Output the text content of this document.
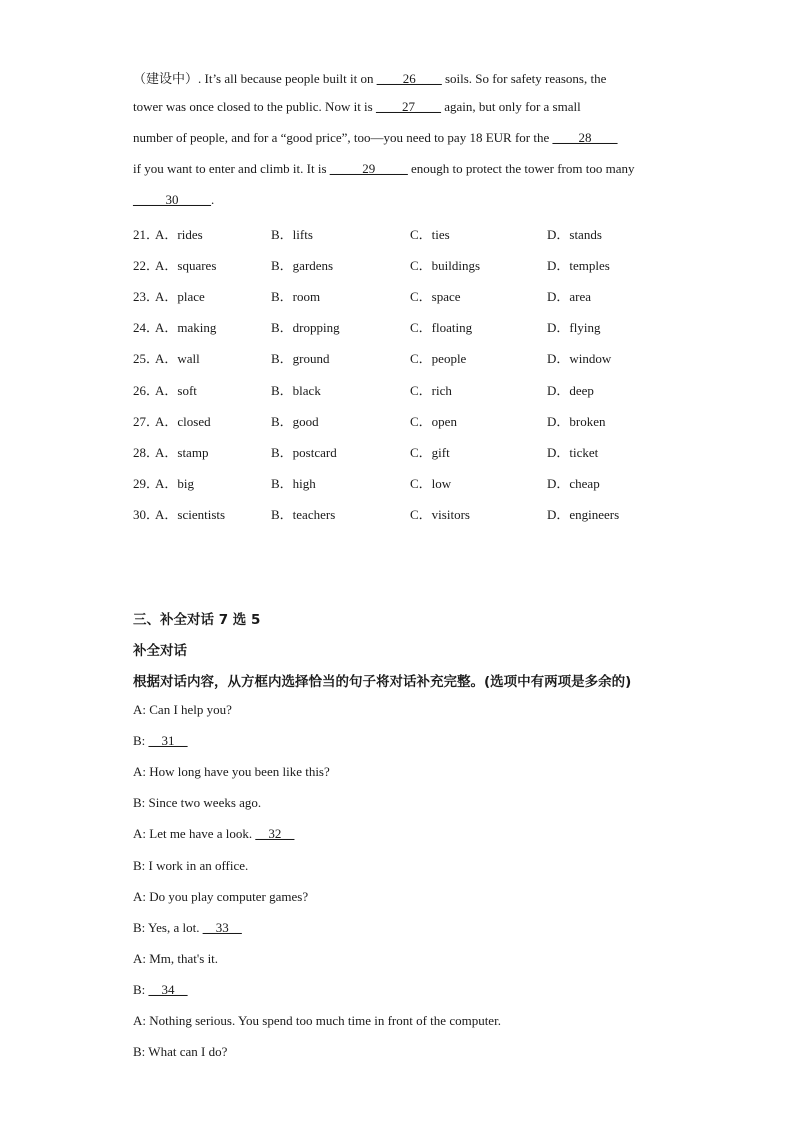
（建设中）. It’s all because people built it on ____26____ soils. So for safety reasons, the
tower was once closed to the public. Now it is ____27____ again, but only for a small
number of people, and for a “good price”, too—you need to pay 18 EUR for the ____28____
if you want to enter and climb it. It is _____29_____ enough to protect the tower from too many
_____30_____.
21．
A．rides	B．lifts	C．ties	D．stands
22．
A．squares	B．gardens	C．buildings	D．temples
23．
A．place	B．room	C．space	D．area
24．
A．making	B．dropping	C．floating	D．flying
25．
A．wall	B．ground	C．people	D．window
26．
A．soft	B．black	C．rich	D．deep
27．
A．closed	B．good	C．open	D．broken
28．
A．stamp	B．postcard	C．gift	D．ticket
29．
A．big	B．high	C．low	D．cheap
30．
A．scientists	B．teachers	C．visitors	D．engineers
三、补全对话 7 选 5
补全对话
根据对话内容，从方框内选择恰当的句子将对话补充完整。(选项中有两项是多余的)
A: Can I help you?
B: __31__
A: How long have you been like this?
B: Since two weeks ago.
A: Let me have a look. __32__
B: I work in an office.
A: Do you play computer games?
B: Yes, a lot. __33__
A: Mm, that's it.
B: __34__
A: Nothing serious. You spend too much time in front of the computer.
B: What can I do?
